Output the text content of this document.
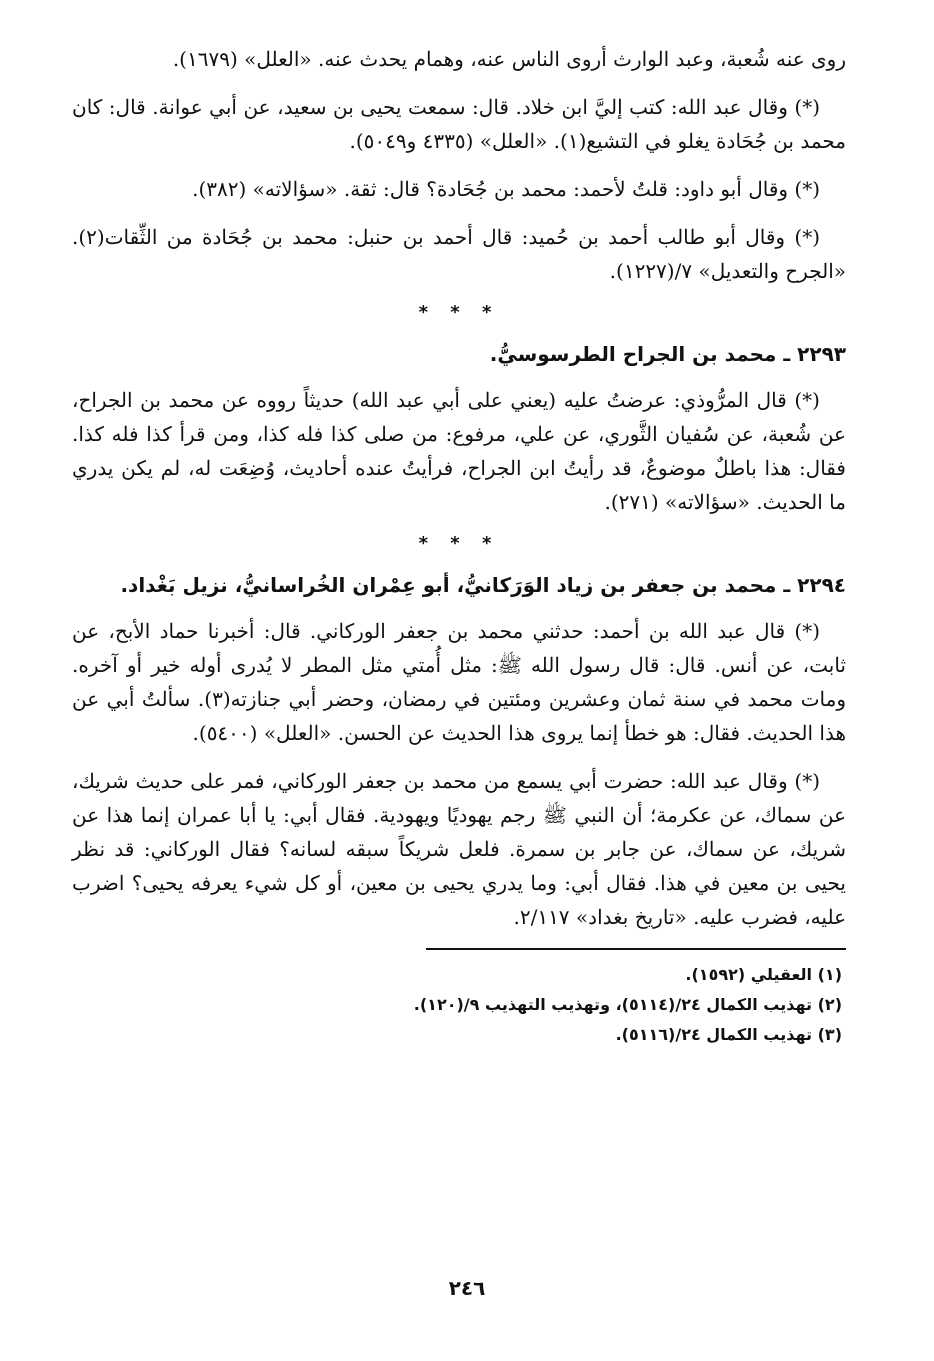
روى عنه شُعبة، وعبد الوارث أروى الناس عنه، وهمام يحدث عنه. «العلل» (١٦٧٩).

(*) وقال عبد الله: كتب إليَّ ابن خلاد. قال: سمعت يحيى بن سعيد، عن أبي عوانة. قال: كان محمد بن جُحَادة يغلو في التشيع(١). «العلل» (٤٣٣٥ و٥٠٤٩).

(*) وقال أبو داود: قلتُ لأحمد: محمد بن جُحَادة؟ قال: ثقة. «سؤالاته» (٣٨٢).

(*) وقال أبو طالب أحمد بن حُميد: قال أحمد بن حنبل: محمد بن جُحَادة من الثِّقات(٢). «الجرح والتعديل» ٧/(١٢٢٧).

* * *
٢٢٩٣ ـ محمد بن الجراح الطرسوسيُّ.

(*) قال المرُّوذي: عرضتُ عليه (يعني على أبي عبد الله) حديثاً رووه عن محمد بن الجراح، عن شُعبة، عن سُفيان الثَّوري، عن علي، مرفوع: من صلى كذا فله كذا، ومن قرأ كذا فله كذا. فقال: هذا باطلٌ موضوعٌ، قد رأيتُ ابن الجراح، فرأيتُ عنده أحاديث، وُضِعَت له، لم يكن يدري ما الحديث. «سؤالاته» (٢٧١).

* * *
٢٢٩٤ ـ محمد بن جعفر بن زياد الوَرَكانيُّ، أبو عِمْران الخُراسانيُّ، نزيل بَغْداد.

(*) قال عبد الله بن أحمد: حدثني محمد بن جعفر الوركاني. قال: أخبرنا حماد الأبح، عن ثابت، عن أنس. قال: قال رسول الله ﷺ: مثل أُمتي مثل المطر لا يُدرى أوله خير أو آخره. ومات محمد في سنة ثمان وعشرين ومئتين في رمضان، وحضر أبي جنازته(٣). سألتُ أبي عن هذا الحديث. فقال: هو خطأ إنما يروى هذا الحديث عن الحسن. «العلل» (٥٤٠٠).

(*) وقال عبد الله: حضرت أبي يسمع من محمد بن جعفر الوركاني، فمر على حديث شريك، عن سماك، عن عكرمة؛ أن النبي ﷺ رجم يهوديًا ويهودية. فقال أبي: يا أبا عمران إنما هذا عن شريك، عن سماك، عن جابر بن سمرة. فلعل شريكاً سبقه لسانه؟ فقال الوركاني: قد نظر يحيى بن معين في هذا. فقال أبي: وما يدري يحيى بن معين، أو كل شيء يعرفه يحيى؟ اضرب عليه، فضرب عليه. «تاريخ بغداد» ٢/١١٧.

(١) العقيلي (١٥٩٢).

(٢) تهذيب الكمال ٢٤/(٥١١٤)، وتهذيب التهذيب ٩/(١٢٠).

(٣) تهذيب الكمال ٢٤/(٥١١٦).

٢٤٦
